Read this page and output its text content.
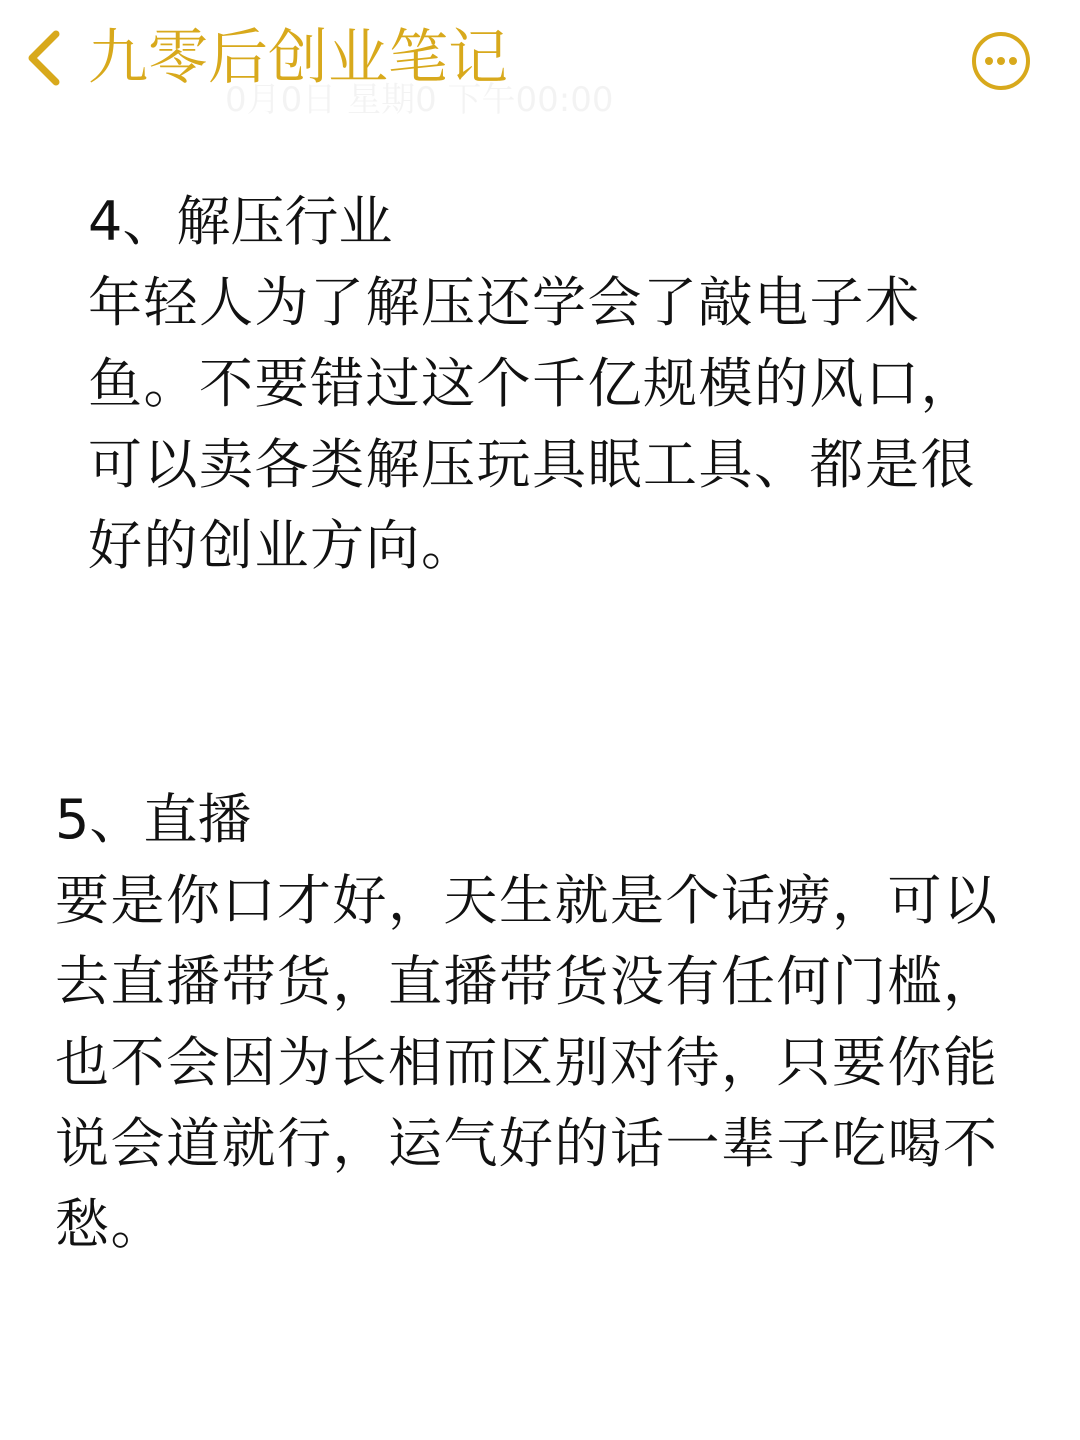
九零后创业笔记

4、解压行业

年轻人为了解压还学会了敲电子术鱼。不要错过这个千亿规模的风口，可以卖各类解压玩具眠工具、都是很好的创业方向。

5、直播

要是你口才好，天生就是个话痨，可以去直播带货，直播带货没有任何门槛，也不会因为长相而区别对待，只要你能说会道就行，运气好的话一辈子吃喝不愁。
